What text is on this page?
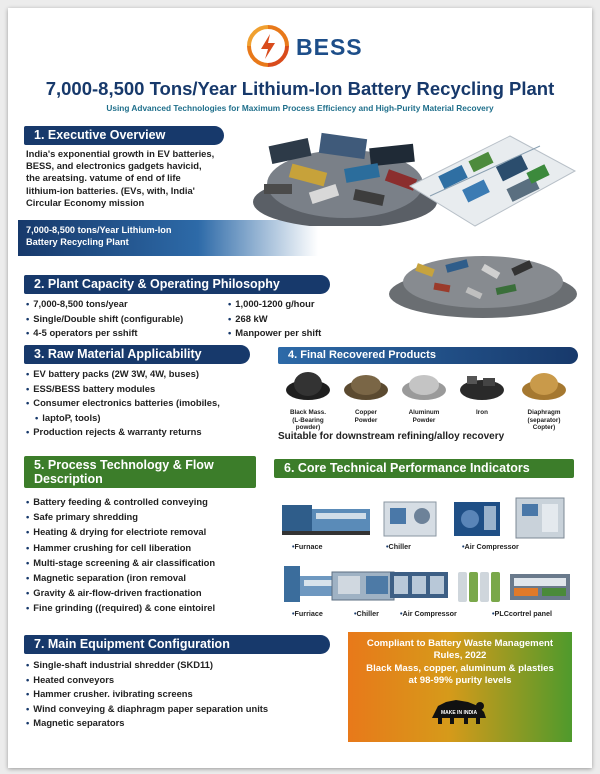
BESS
7,000-8,500 Tons/Year Lithium-Ion Battery Recycling Plant
Using Advanced Technologies for Maximum Process Efficiency and High-Purity Material Recovery
1. Executive Overview
India's exponential growth in EV batteries,
BESS, and electronics gadgets havicid,
the areatsing. vatume of end of life
lithium-ion batteries. (EVs, with, India'
Circular Economy mission
7,000-8,500 tons/Year Lithium-Ion
Battery Recycling Plant
2. Plant Capacity & Operating Philosophy
• 7,000-8,500 tons/year
• Single/Double shift (configurable)
• 4-5 operators per sshift
• 1,000-1200 g/hour
• 268 kW
• Manpower per shift
3. Raw Material Applicability
• EV battery packs (2W 3W, 4W, buses)
• ESS/BESS battery modules
• Consumer electronics batteries (imobiles,
• laptoP, tools)
• Production rejects & warranty returns
4. Final Recovered Products
Black Mass.
(L-Bearing powder)
Copper
Powder
Aluminum
Powder
Iron	Diaphragm
(separator) Copter)
Suitable for downstream refining/alloy recovery
5. Process Technology & Flow
Description
• Battery feeding & controlled conveying
• Safe primary shredding
• Heating & drying for electriote removal
• Hammer crushing for cell liberation
• Multi-stage screening & air classification
• Magnetic separation (iron removal
• Gravity & air-flow-driven fractionation
• Fine grinding ((required) & cone eintoirel
6. Core Technical Performance Indicators
• Furnace	• Chiller	• Air Compressor
• Furriace	• Chiller	• Air Compressor	• PLCcortrel panel
7. Main Equipment Configuration
• Single-shaft industrial shredder (SKD11)
• Heated conveyors
• Hammer crusher. ivibrating screens
• Wind conveying & diaphragm paper separation units
• Magnetic separators
Compliant to Battery Waste Management
Rules, 2022
Black Mass, copper, aluminum & plasties
at 98-99% purity levels
MAKE IN INDIA
